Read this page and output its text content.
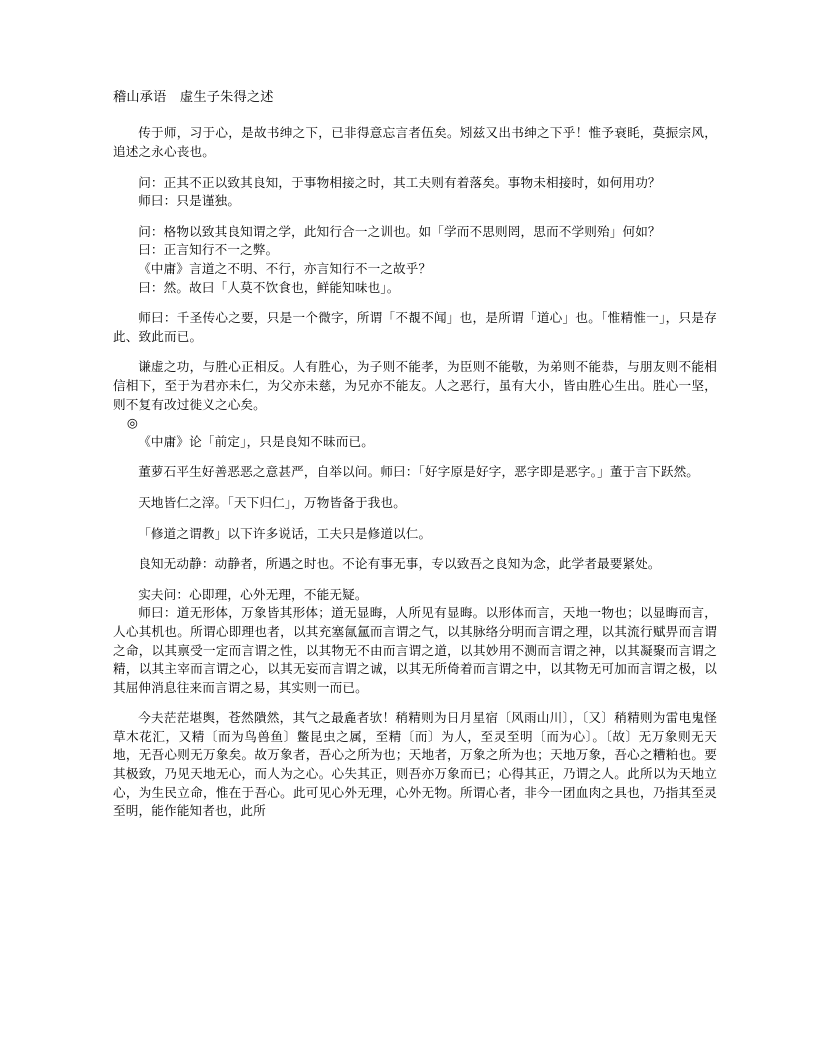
稽山承语　虚生子朱得之述

传于师，习于心，是故书绅之下，已非得意忘言者伍矣。矧兹又出书绅之下乎！惟予衰眊，莫振宗风，追述之永心丧也。

问：正其不正以致其良知，于事物相接之时，其工夫则有着落矣。事物未相接时，如何用功？

师曰：只是谨独。

问：格物以致其良知谓之学，此知行合一之训也。如「学而不思则罔，思而不学则殆」何如？

曰：正言知行不一之弊。

《中庸》言道之不明、不行，亦言知行不一之故乎？

曰：然。故曰「人莫不饮食也，鲜能知味也」。

师曰：千圣传心之要，只是一个微字，所谓「不覩不闻」也，是所谓「道心」也。「惟精惟一」，只是存此、致此而已。

谦虚之功，与胜心正相反。人有胜心，为子则不能孝，为臣则不能敬，为弟则不能恭，与朋友则不能相信相下，至于为君亦未仁，为父亦未慈，为兄亦不能友。人之恶行，虽有大小，皆由胜心生出。胜心一坚，则不复有改过徙义之心矣。

◎

《中庸》论「前定」，只是良知不昧而已。

董萝石平生好善恶恶之意甚严，自举以问。师曰：「好字原是好字，恶字即是恶字。」董于言下跃然。

天地皆仁之滓。「天下归仁」，万物皆备于我也。

「修道之谓教」以下许多说话，工夫只是修道以仁。

良知无动静：动静者，所遇之时也。不论有事无事，专以致吾之良知为念，此学者最要紧处。

实夫问：心即理，心外无理，不能无疑。

师曰：道无形体，万象皆其形体；道无显晦，人所见有显晦。以形体而言，天地一物也；以显晦而言，人心其机也。所谓心即理也者，以其充塞氤氲而言谓之气，以其脉络分明而言谓之理，以其流行赋畀而言谓之命，以其禀受一定而言谓之性，以其物无不由而言谓之道，以其妙用不测而言谓之神，以其凝聚而言谓之精，以其主宰而言谓之心，以其无妄而言谓之诚，以其无所倚着而言谓之中，以其物无可加而言谓之极，以其屈伸消息往来而言谓之易，其实则一而已。

今夫茫茫堪舆，苍然隤然，其气之最麁者欤！稍精则为日月星宿〔风雨山川〕，〔又〕稍精则为雷电鬼怪草木花汇，又精〔而为鸟兽鱼〕鳖昆虫之属，至精〔而〕为人，至灵至明〔而为心〕。〔故〕无万象则无天地，无吾心则无万象矣。故万象者，吾心之所为也；天地者，万象之所为也；天地万象，吾心之糟粕也。要其极致，乃见天地无心，而人为之心。心失其正，则吾亦万象而已；心得其正，乃谓之人。此所以为天地立心，为生民立命，惟在于吾心。此可见心外无理，心外无物。所谓心者，非今一团血肉之具也，乃指其至灵至明，能作能知者也，此所
